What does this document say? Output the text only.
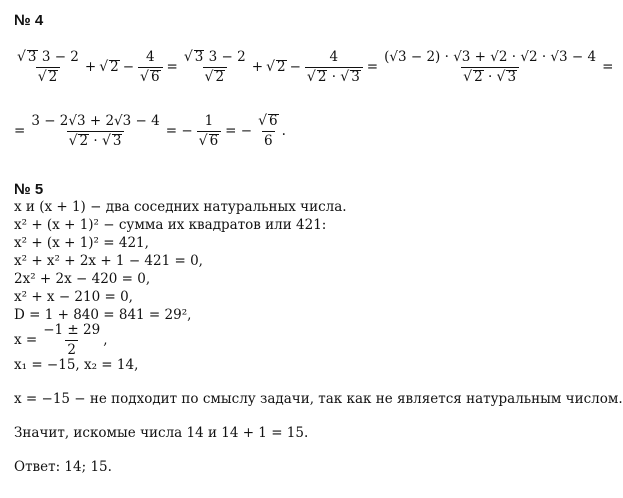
№ 4
$\frac{√ 3 3 - 2}{√ 2}$ + √ $2 - \frac{4}{√ 6} = \frac{√ 3 3 - 2}{√ 2}$ + √ $2 - \frac{4}{√ 2 \cdot √ 3} = \frac{(√3 - 2) \cdot √3 + √2 \cdot √2 \cdot √3 - 4}{√ 2 \cdot √ 3}$ =
= $\frac{3 - 2√3 + 2√3 - 4}{√ 2 \cdot √ 3}$ = − $\frac{1}{√ 6}$ = − $\frac{√ 6}{6}$ .
№ 5
x и (x + 1) − два соседних натуральных числа.
x² + (x + 1)² − сумма их квадратов или 421:
x² + (x + 1)² = 421,
x² + x² + 2x + 1 − 421 = 0,
2x² + 2x − 420 = 0,
x² + x − 210 = 0,
D = 1 + 840 = 841 = 29²,
$x = \frac{-1 \pm 29}{2}$ ,
x₁ = −15, x₂ = 14,
x = −15 − не подходит по смыслу задачи, так как не является натуральным числом.
Значит, искомые числа 14 и 14 + 1 = 15.
Ответ: 14; 15.
